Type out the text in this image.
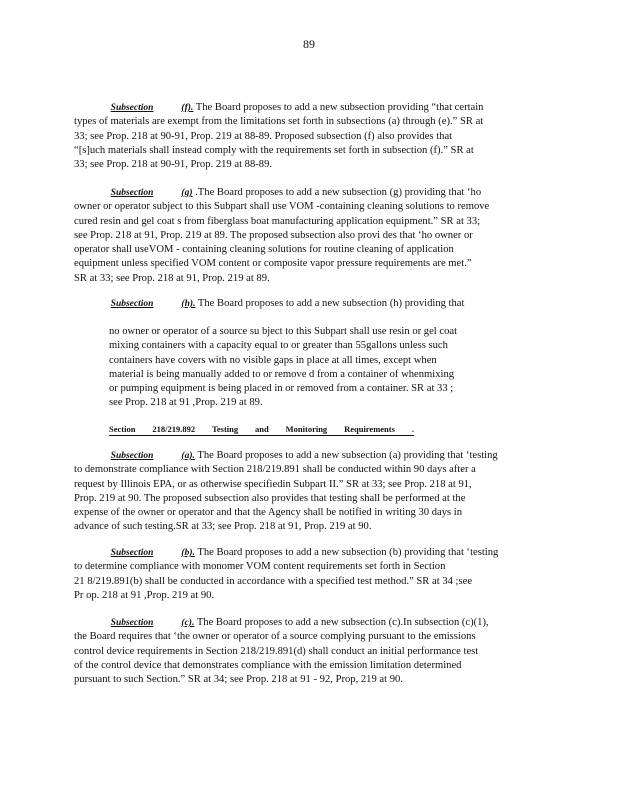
89
Subsection	(f). The Board proposes to add a new subsection providing “that certain
types of materials are exempt from the limitations set forth in subsections (a) through (e).” SR at
33; see Prop. 218 at 90-91, Prop. 219 at 88-89. Proposed subsection (f) also provides that
“[s]uch materials shall instead comply with the requirements set forth in subsection (f).” SR at
33; see Prop. 218 at 90-91, Prop. 219 at 88-89.
Subsection	(g) .The Board proposes to add a new subsection (g) providing that ‘ho
owner or operator subject to this Subpart shall use VOM -containing cleaning solutions to remove
cured resin and gel coat s from fiberglass boat manufacturing application equipment.” SR at 33;
see Prop. 218 at 91, Prop. 219 at 89. The proposed subsection also provi des that ‘ho owner or
operator shall useVOM - containing cleaning solutions for routine cleaning of application
equipment unless specified VOM content or composite vapor pressure requirements are met.”
SR at 33; see Prop. 218 at 91, Prop. 219 at 89.
Subsection	(h). The Board proposes to add a new subsection (h) providing that
no owner or operator of a source su bject to this Subpart shall use resin or gel coat
mixing containers with a capacity equal to or greater than 55gallons unless such
containers have covers with no visible gaps in place at all times, except when
material is being manually added to or remove d from a container of whenmixing
or pumping equipment is being placed in or removed from a container. SR at 33 ;
see Prop. 218 at 91 ,Prop. 219 at 89.
Section 218/219.892 Testing and Monitoring Requirements .
Subsection	(a). The Board proposes to add a new subsection (a) providing that ‘testing
to demonstrate compliance with Section 218/219.891 shall be conducted within 90 days after a
request by Illinois EPA, or as otherwise specifiedin Subpart II.” SR at 33; see Prop. 218 at 91,
Prop. 219 at 90. The proposed subsection also provides that testing shall be performed at the
expense of the owner or operator and that the Agency shall be notified in writing 30 days in
advance of such testing.SR at 33; see Prop. 218 at 91, Prop. 219 at 90.
Subsection	(b). The Board proposes to add a new subsection (b) providing that ‘testing
to determine compliance with monomer VOM content requirements set forth in Section
21 8/219.891(b) shall be conducted in accordance with a specified test method.” SR at 34 ;see
Pr op. 218 at 91 ,Prop. 219 at 90.
Subsection	(c). The Board proposes to add a new subsection (c).In subsection (c)(1),
the Board requires that ‘the owner or operator of a source complying pursuant to the emissions
control device requirements in Section 218/219.891(d) shall conduct an initial performance test
of the control device that demonstrates compliance with the emission limitation determined
pursuant to such Section.” SR at 34; see Prop. 218 at 91 - 92, Prop, 219 at 90.
